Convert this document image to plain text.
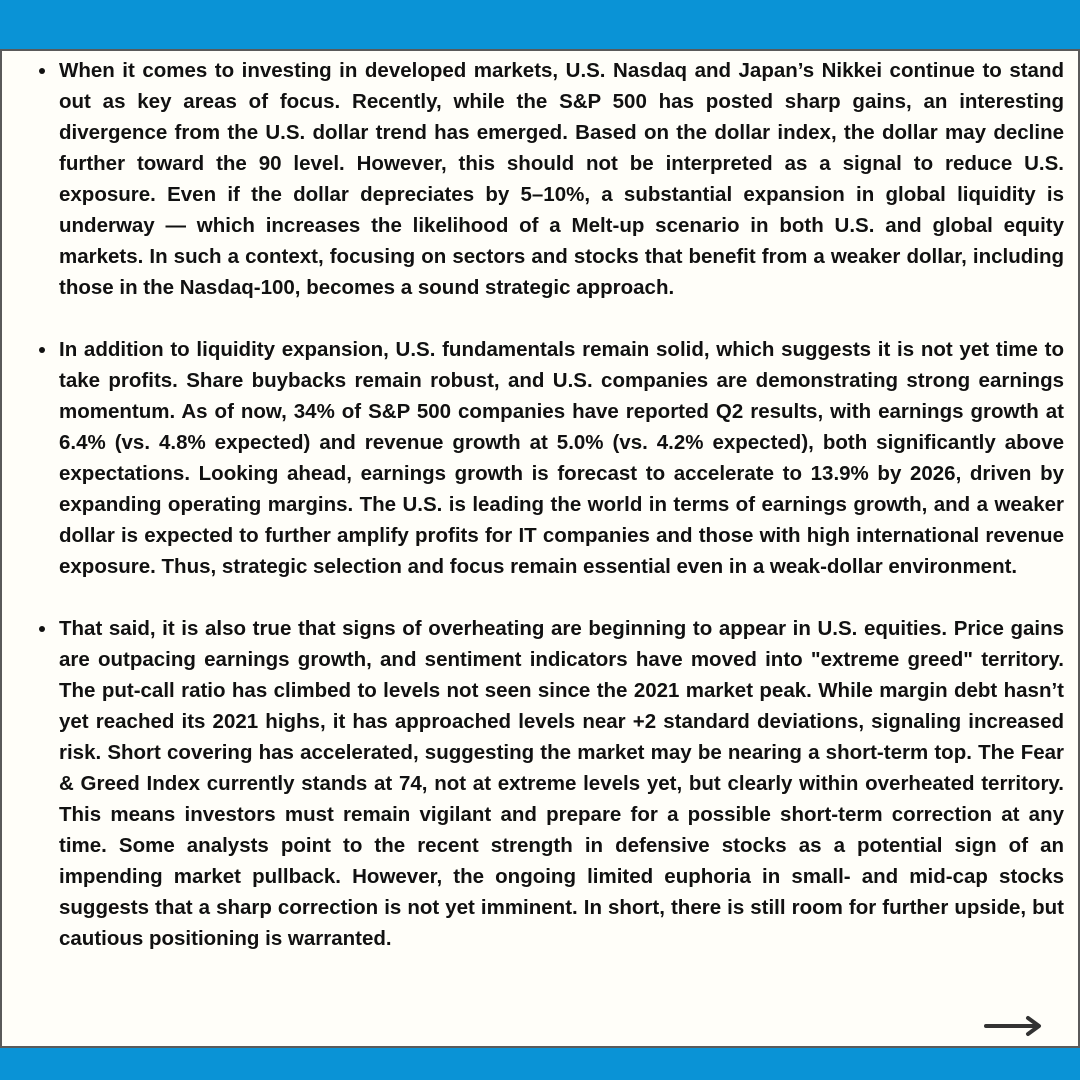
When it comes to investing in developed markets, U.S. Nasdaq and Japan’s Nikkei continue to stand out as key areas of focus. Recently, while the S&P 500 has posted sharp gains, an interesting divergence from the U.S. dollar trend has emerged. Based on the dollar index, the dollar may decline further toward the 90 level. However, this should not be interpreted as a signal to reduce U.S. exposure. Even if the dollar depreciates by 5–10%, a substantial expansion in global liquidity is underway — which increases the likelihood of a Melt-up scenario in both U.S. and global equity markets. In such a context, focusing on sectors and stocks that benefit from a weaker dollar, including those in the Nasdaq-100, becomes a sound strategic approach.
In addition to liquidity expansion, U.S. fundamentals remain solid, which suggests it is not yet time to take profits. Share buybacks remain robust, and U.S. companies are demonstrating strong earnings momentum. As of now, 34% of S&P 500 companies have reported Q2 results, with earnings growth at 6.4% (vs. 4.8% expected) and revenue growth at 5.0% (vs. 4.2% expected), both significantly above expectations. Looking ahead, earnings growth is forecast to accelerate to 13.9% by 2026, driven by expanding operating margins. The U.S. is leading the world in terms of earnings growth, and a weaker dollar is expected to further amplify profits for IT companies and those with high international revenue exposure. Thus, strategic selection and focus remain essential even in a weak-dollar environment.
That said, it is also true that signs of overheating are beginning to appear in U.S. equities. Price gains are outpacing earnings growth, and sentiment indicators have moved into "extreme greed" territory. The put-call ratio has climbed to levels not seen since the 2021 market peak. While margin debt hasn’t yet reached its 2021 highs, it has approached levels near +2 standard deviations, signaling increased risk. Short covering has accelerated, suggesting the market may be nearing a short-term top. The Fear & Greed Index currently stands at 74, not at extreme levels yet, but clearly within overheated territory. This means investors must remain vigilant and prepare for a possible short-term correction at any time. Some analysts point to the recent strength in defensive stocks as a potential sign of an impending market pullback. However, the ongoing limited euphoria in small- and mid-cap stocks suggests that a sharp correction is not yet imminent. In short, there is still room for further upside, but cautious positioning is warranted.
